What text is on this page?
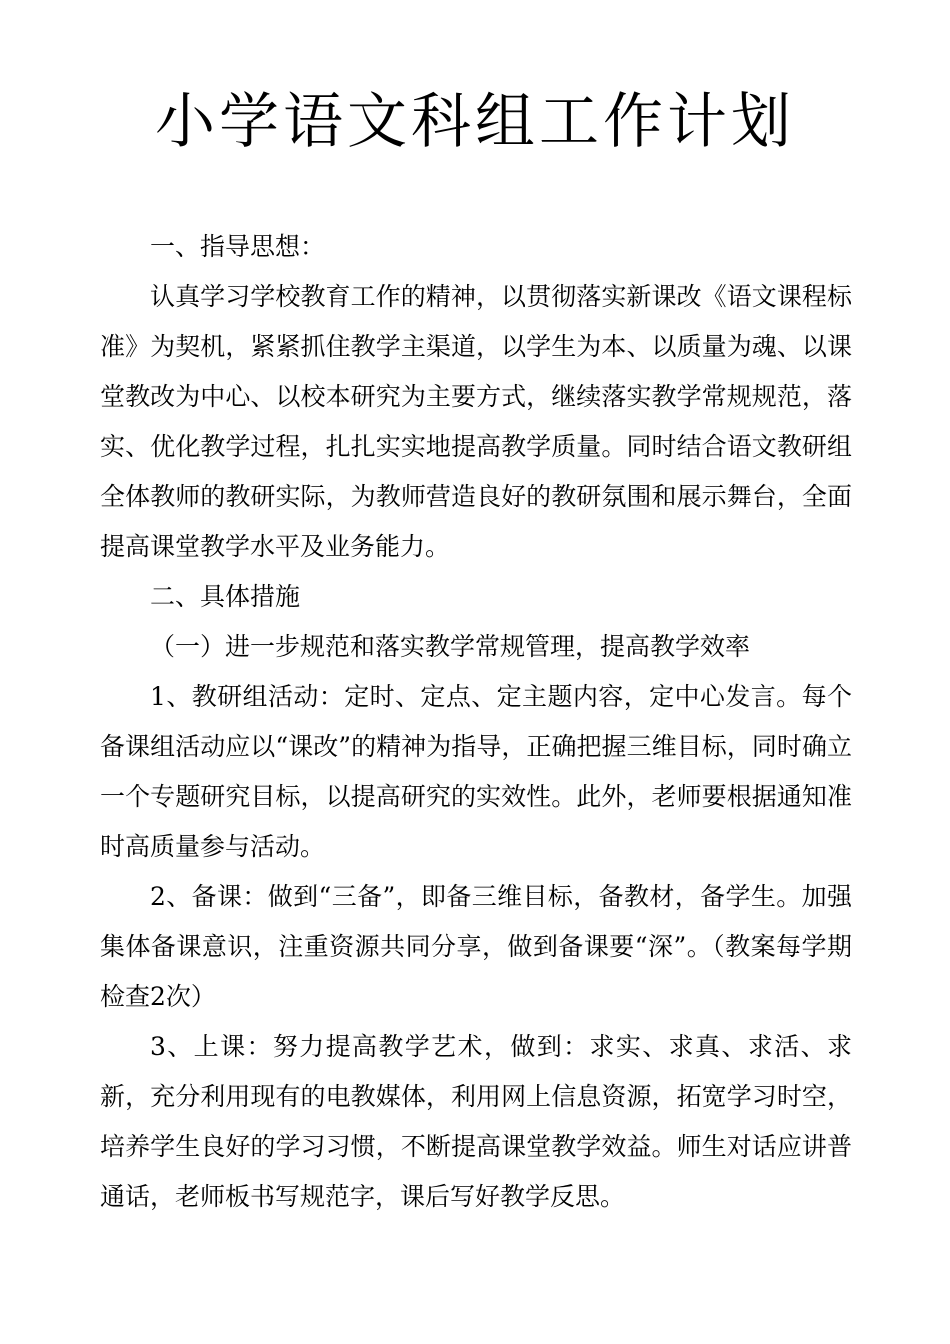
小学语文科组工作计划

一、指导思想：

认真学习学校教育工作的精神，以贯彻落实新课改《语文课程标准》为契机，紧紧抓住教学主渠道，以学生为本、以质量为魂、以课堂教改为中心、以校本研究为主要方式，继续落实教学常规规范，落实、优化教学过程，扎扎实实地提高教学质量。同时结合语文教研组全体教师的教研实际，为教师营造良好的教研氛围和展示舞台，全面提高课堂教学水平及业务能力。

二、具体措施

（一）进一步规范和落实教学常规管理，提高教学效率

1、教研组活动：定时、定点、定主题内容，定中心发言。每个备课组活动应以“课改”的精神为指导，正确把握三维目标，同时确立一个专题研究目标，以提高研究的实效性。此外，老师要根据通知准时高质量参与活动。

2、备课：做到“三备”，即备三维目标，备教材，备学生。加强集体备课意识，注重资源共同分享，做到备课要“深”。（教案每学期检查2次）

3、上课：努力提高教学艺术，做到：求实、求真、求活、求新，充分利用现有的电教媒体，利用网上信息资源，拓宽学习时空，培养学生良好的学习习惯，不断提高课堂教学效益。师生对话应讲普通话，老师板书写规范字，课后写好教学反思。
